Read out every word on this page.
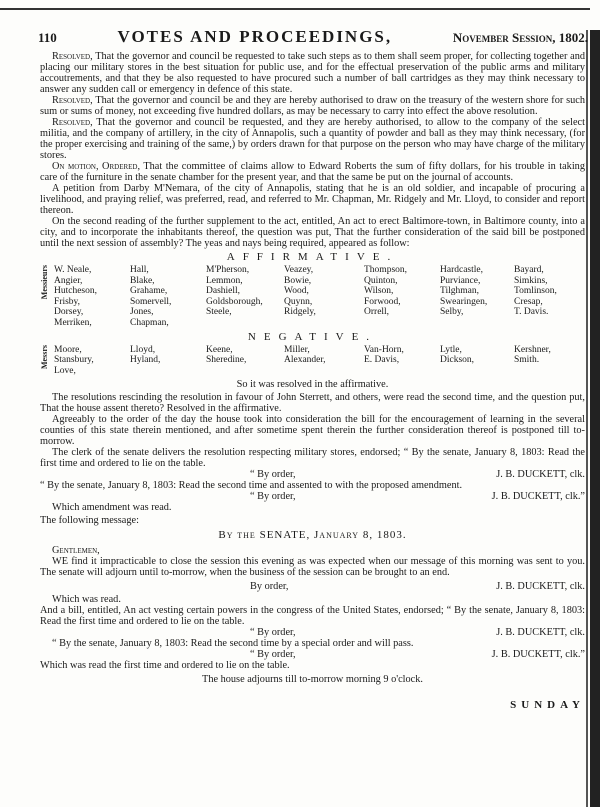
110	VOTES AND PROCEEDINGS,	November Session, 1802.

Resolved, That the governor and council be requested to take such steps as to them shall seem proper, for collecting together and placing our military stores in the best situation for public use, and for the effectual preservation of the public arms and military accoutrements, and that they be also requested to have procured such a number of ball cartridges as they may think necessary to answer any sudden call or emergency in defence of this state.

Resolved, That the governor and council be and they are hereby authorised to draw on the treasury of the western shore for such sum or sums of money, not exceeding five hundred dollars, as may be necessary to carry into effect the above resolution.

Resolved, That the governor and council be requested, and they are hereby authorised, to allow to the company of the select militia, and the company of artillery, in the city of Annapolis, such a quantity of powder and ball as they may think necessary, (for the proper exercising and training of the same,) by orders drawn for that purpose on the person who may have charge of the military stores.

On motion, Ordered, That the committee of claims allow to Edward Roberts the sum of fifty dollars, for his trouble in taking care of the furniture in the senate chamber for the present year, and that the same be put on the journal of accounts.

A petition from Darby M'Nemara, of the city of Annapolis, stating that he is an old soldier, and incapable of procuring a livelihood, and praying relief, was preferred, read, and referred to Mr. Chapman, Mr. Ridgely and Mr. Lloyd, to consider and report thereon.

On the second reading of the further supplement to the act, entitled, An act to erect Baltimore-town, in Baltimore county, into a city, and to incorporate the inhabitants thereof, the question was put, That the further consideration of the said bill be postponed until the next session of assembly? The yeas and nays being required, appeared as follow:

AFFIRMATIVE.
Messieurs W. Neale,	Hall,	M'Pherson,	Veazey,	Thompson,	Hardcastle,	Bayard,
Angier,	Blake,	Lemmon,	Bowie,	Quinton,	Purviance,	Simkins,
Hutcheson,	Grahame,	Dashiell,	Wood,	Wilson,	Tilghman,	Tomlinson,
Frisby,	Somervell,	Goldsborough,	Quynn,	Forwood,	Swearingen,	Cresap,
Dorsey,	Jones,	Steele,	Ridgely,	Orrell,	Selby,	T. Davis.
Merriken,	Chapman,
NEGATIVE.
Messrs Moore,	Lloyd,	Keene,	Miller,	Van-Horn,	Lytle,	Kershner,
Stansbury,	Hyland,	Sheredine,	Alexander,	E. Davis,	Dickson,	Smith.
Love,
So it was resolved in the affirmative.

The resolutions rescinding the resolution in favour of John Sterrett, and others, were read the second time, and the question put, That the house assent thereto? Resolved in the affirmative.

Agreeably to the order of the day the house took into consideration the bill for the encouragement of learning in the several counties of this state therein mentioned, and after sometime spent therein the further consideration thereof is postponed till to-morrow.

The clerk of the senate delivers the resolution respecting military stores, endorsed; “ By the senate, January 8, 1803: Read the first time and ordered to lie on the table.

“ By order,	J. B. DUCKETT, clk.
“ By the senate, January 8, 1803: Read the second time and assented to with the proposed amendment.
“ By order,	J. B. DUCKETT, clk.”

Which amendment was read.

The following message:
By the SENATE, January 8, 1803.
Gentlemen,

WE find it impracticable to close the session this evening as was expected when our message of this morning was sent to you. The senate will adjourn until to-morrow, when the business of the session can be brought to an end.

By order,	J. B. DUCKETT, clk.

Which was read.

And a bill, entitled, An act vesting certain powers in the congress of the United States, endorsed; “ By the senate, January 8, 1803: Read the first time and ordered to lie on the table.
“ By order,	J. B. DUCKETT, clk.

“ By the senate, January 8, 1803: Read the second time by a special order and will pass.

“ By order,	J. B. DUCKETT, clk.”
Which was read the first time and ordered to lie on the table.
The house adjourns till to-morrow morning 9 o'clock.
SUNDAY
